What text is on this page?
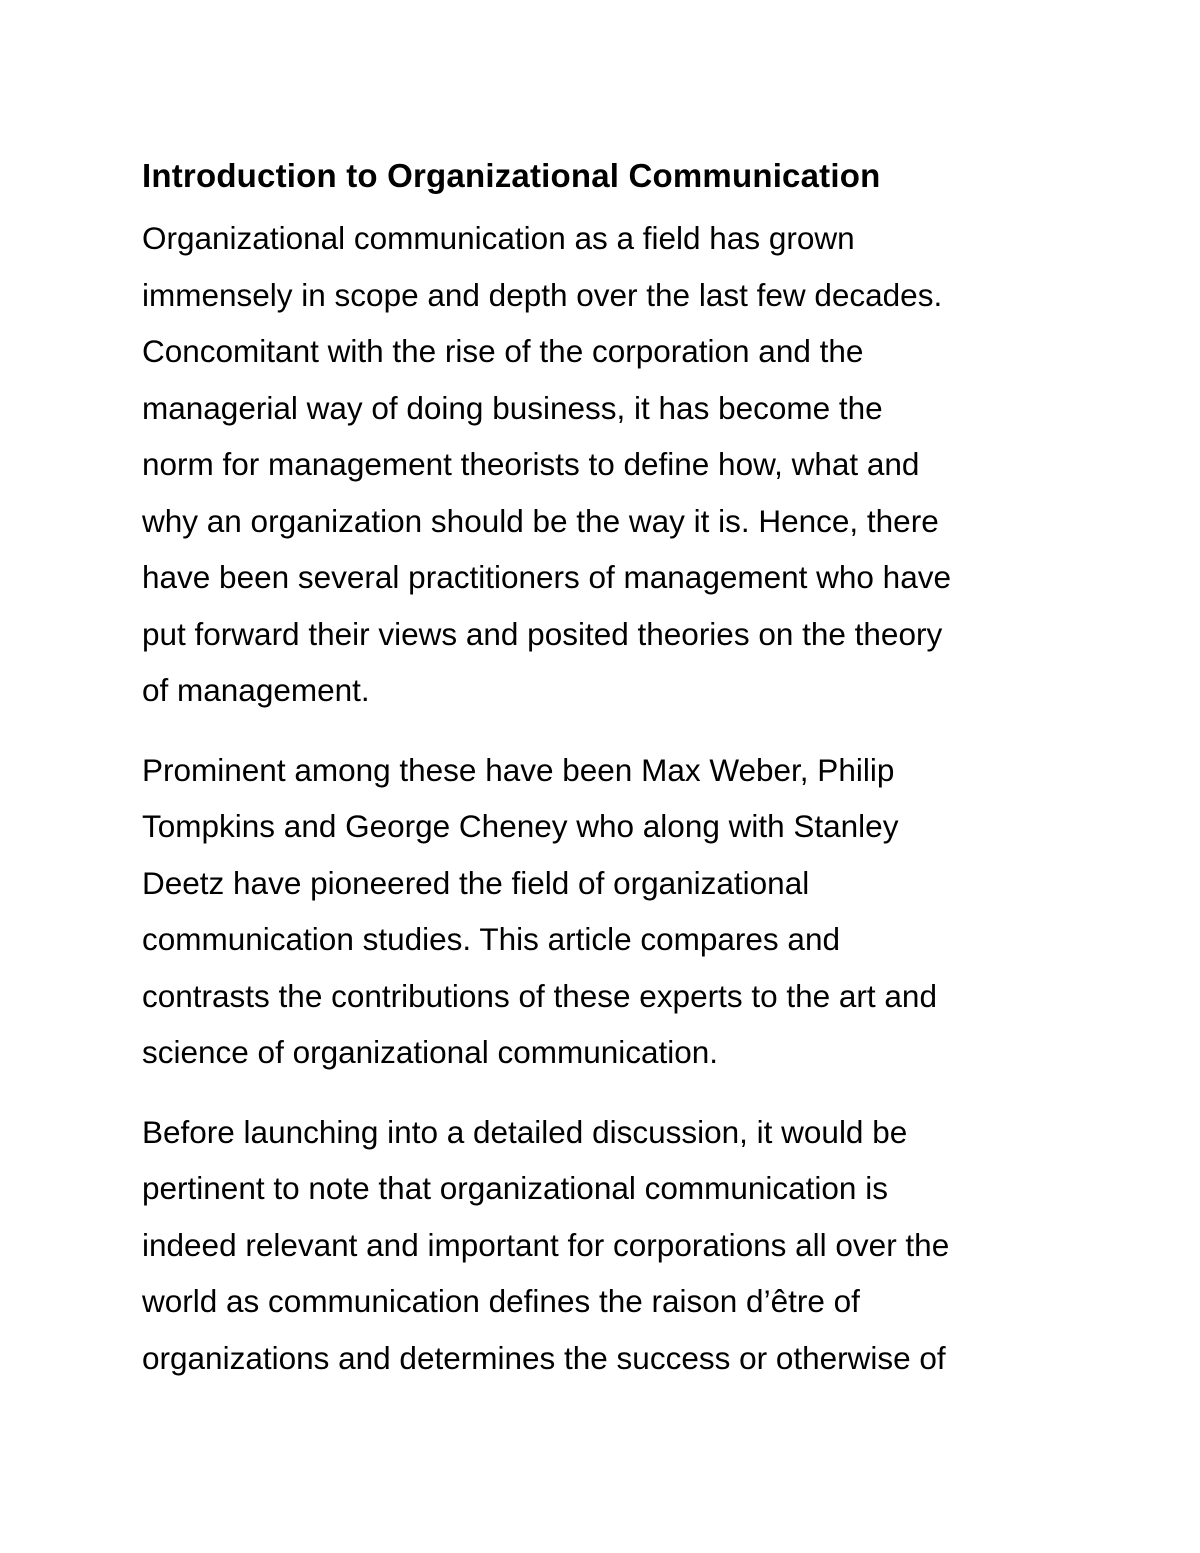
Introduction to Organizational Communication

Organizational communication as a field has grown
immensely in scope and depth over the last few decades.
Concomitant with the rise of the corporation and the
managerial way of doing business, it has become the
norm for management theorists to define how, what and
why an organization should be the way it is. Hence, there
have been several practitioners of management who have
put forward their views and posited theories on the theory
of management.

Prominent among these have been Max Weber, Philip
Tompkins and George Cheney who along with Stanley
Deetz have pioneered the field of organizational
communication studies. This article compares and
contrasts the contributions of these experts to the art and
science of organizational communication.

Before launching into a detailed discussion, it would be
pertinent to note that organizational communication is
indeed relevant and important for corporations all over the
world as communication defines the raison d’être of
organizations and determines the success or otherwise of
